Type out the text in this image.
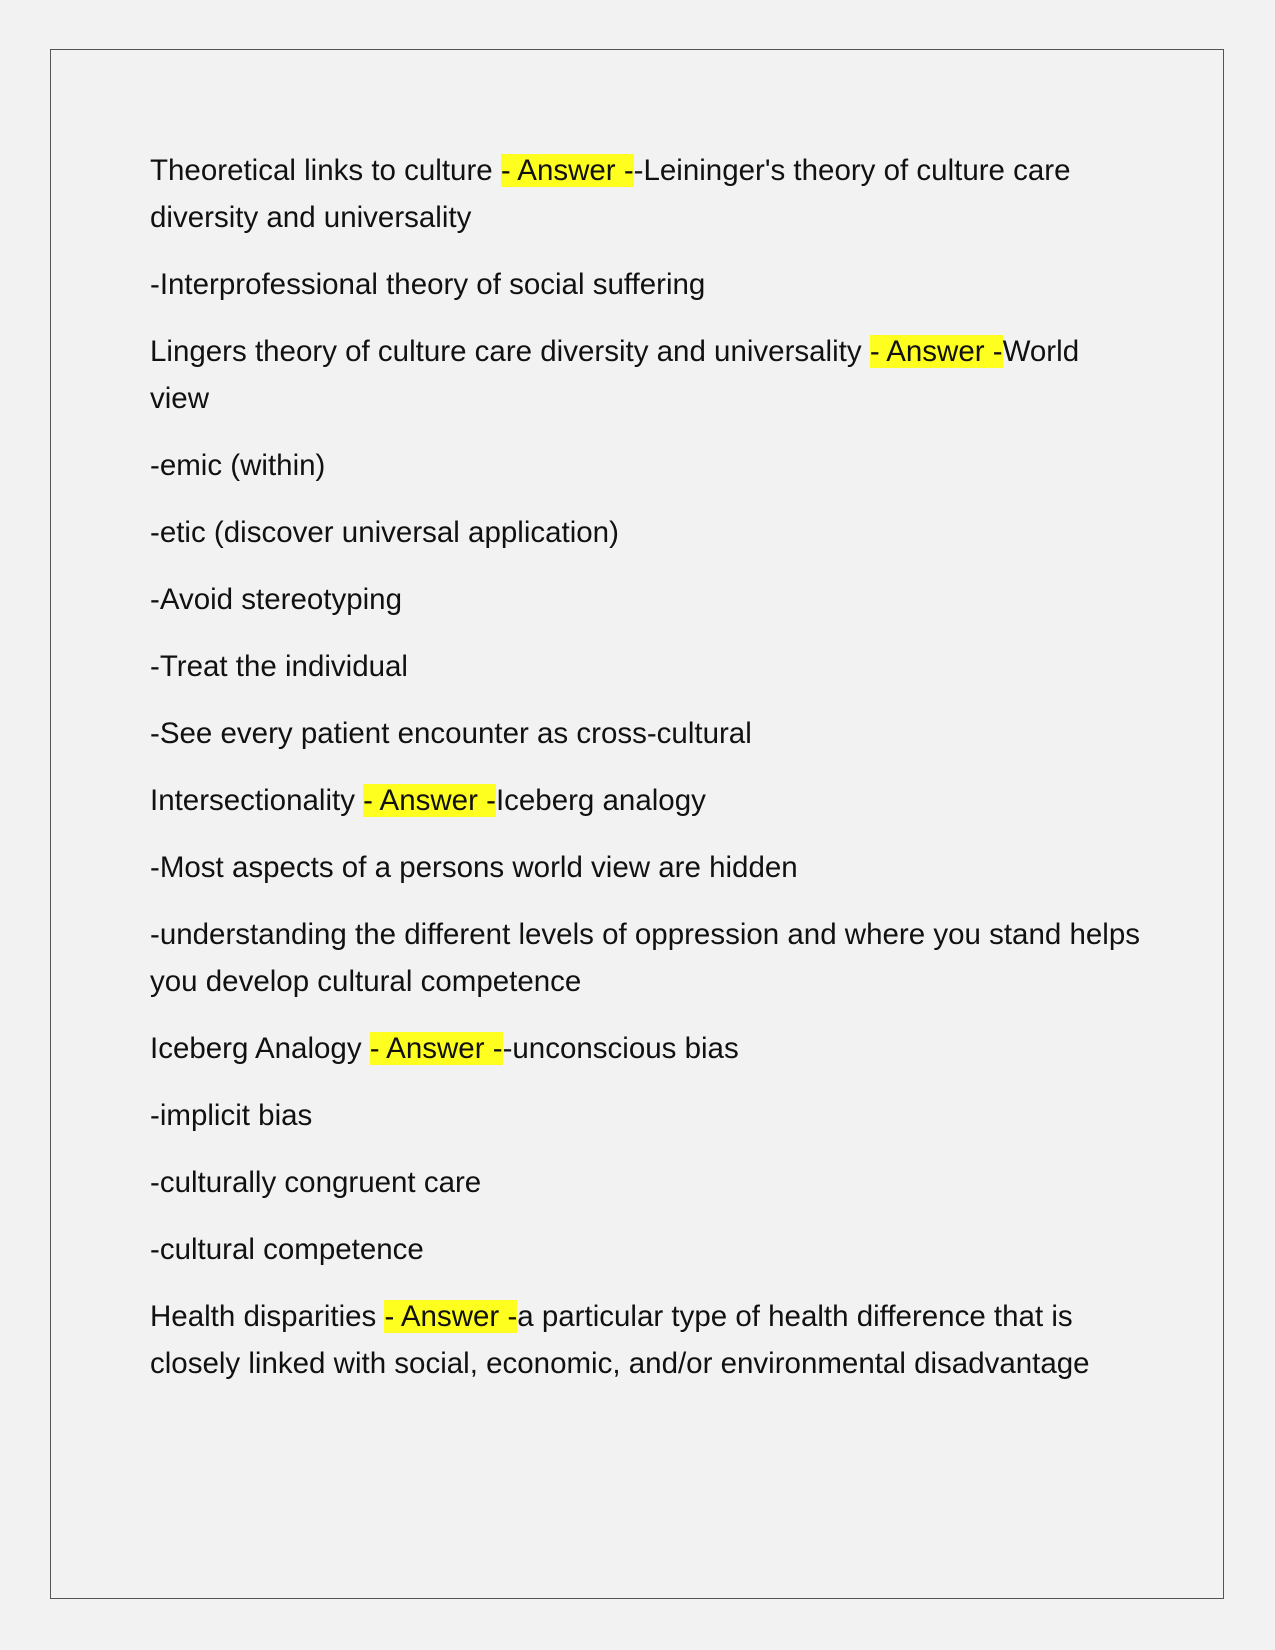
Theoretical links to culture - Answer --Leininger's theory of culture care diversity and universality

-Interprofessional theory of social suffering

Lingers theory of culture care diversity and universality - Answer -World view

-emic (within)

-etic (discover universal application)

-Avoid stereotyping

-Treat the individual

-See every patient encounter as cross-cultural

Intersectionality - Answer -Iceberg analogy

-Most aspects of a persons world view are hidden

-understanding the different levels of oppression and where you stand helps you develop cultural competence

Iceberg Analogy - Answer --unconscious bias

-implicit bias

-culturally congruent care

-cultural competence

Health disparities - Answer -a particular type of health difference that is closely linked with social, economic, and/or environmental disadvantage
